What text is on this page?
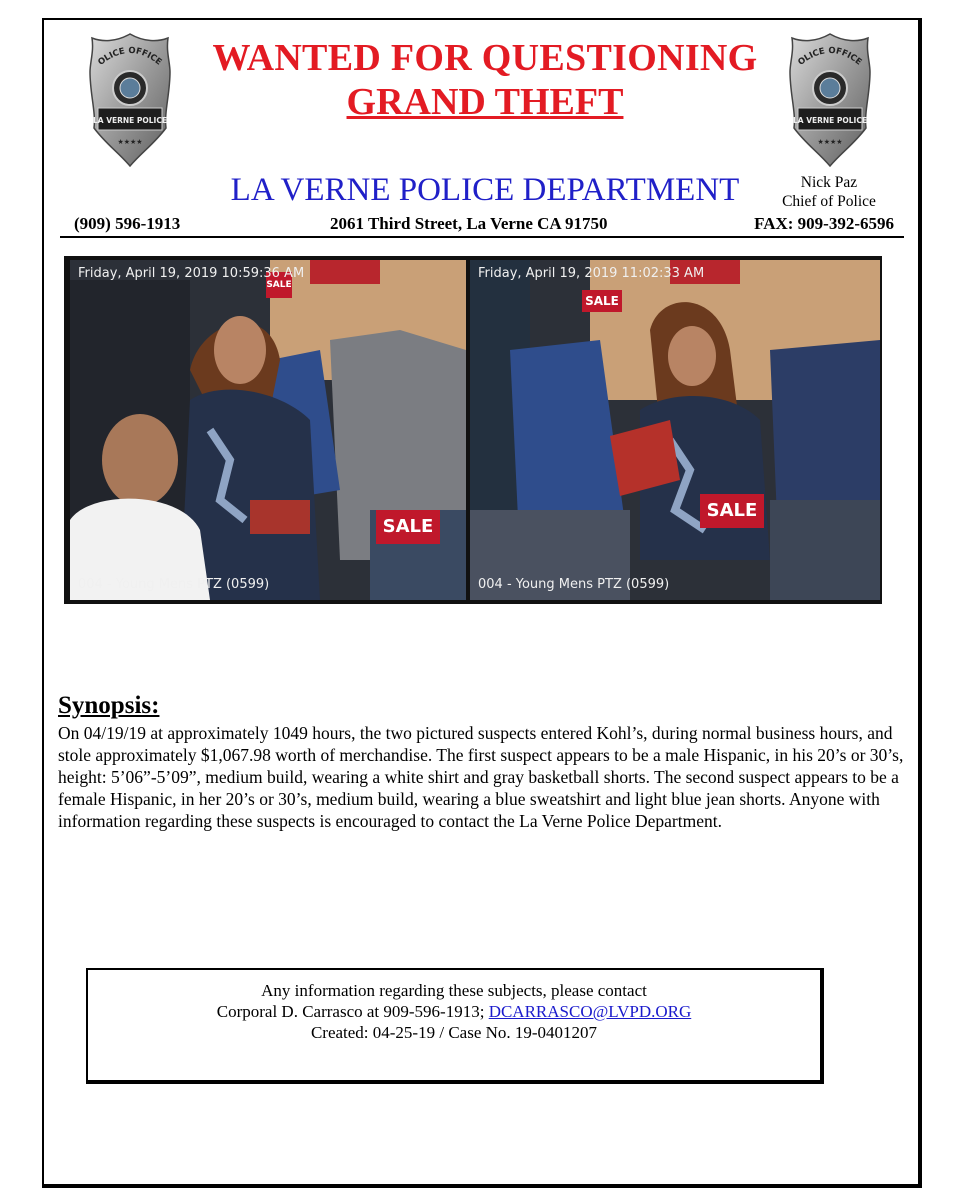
OLICE OFFICE
LA VERNE POLICE
★★★★
OLICE OFFICE
LA VERNE POLICE
★★★★
WANTED FOR QUESTIONING
GRAND THEFT
LA VERNE POLICE DEPARTMENT	Nick Paz
Chief of Police
(909) 596-1913	2061 Third Street, La Verne CA 91750	FAX: 909-392-6596
SALE
SALE
Friday, April 19, 2019 10:59:36 AM
004 - Young Mens PTZ (0599)
SALE
SALE
Friday, April 19, 2019 11:02:33 AM
004 - Young Mens PTZ (0599)
Synopsis:
On 04/19/19 at approximately 1049 hours, the two pictured suspects entered Kohl’s, during normal business hours, and stole approximately $1,067.98 worth of merchandise. The first suspect appears to be a male Hispanic, in his 20’s or 30’s, height: 5’06”-5’09”, medium build, wearing a white shirt and gray basketball shorts. The second suspect appears to be a female Hispanic, in her 20’s or 30’s, medium build, wearing a blue sweatshirt and light blue jean shorts. Anyone with information regarding these suspects is encouraged to contact the La Verne Police Department.
Any information regarding these subjects, please contact
Corporal D. Carrasco at 909-596-1913; DCARRASCO@LVPD.ORG
Created: 04-25-19 / Case No. 19-0401207
